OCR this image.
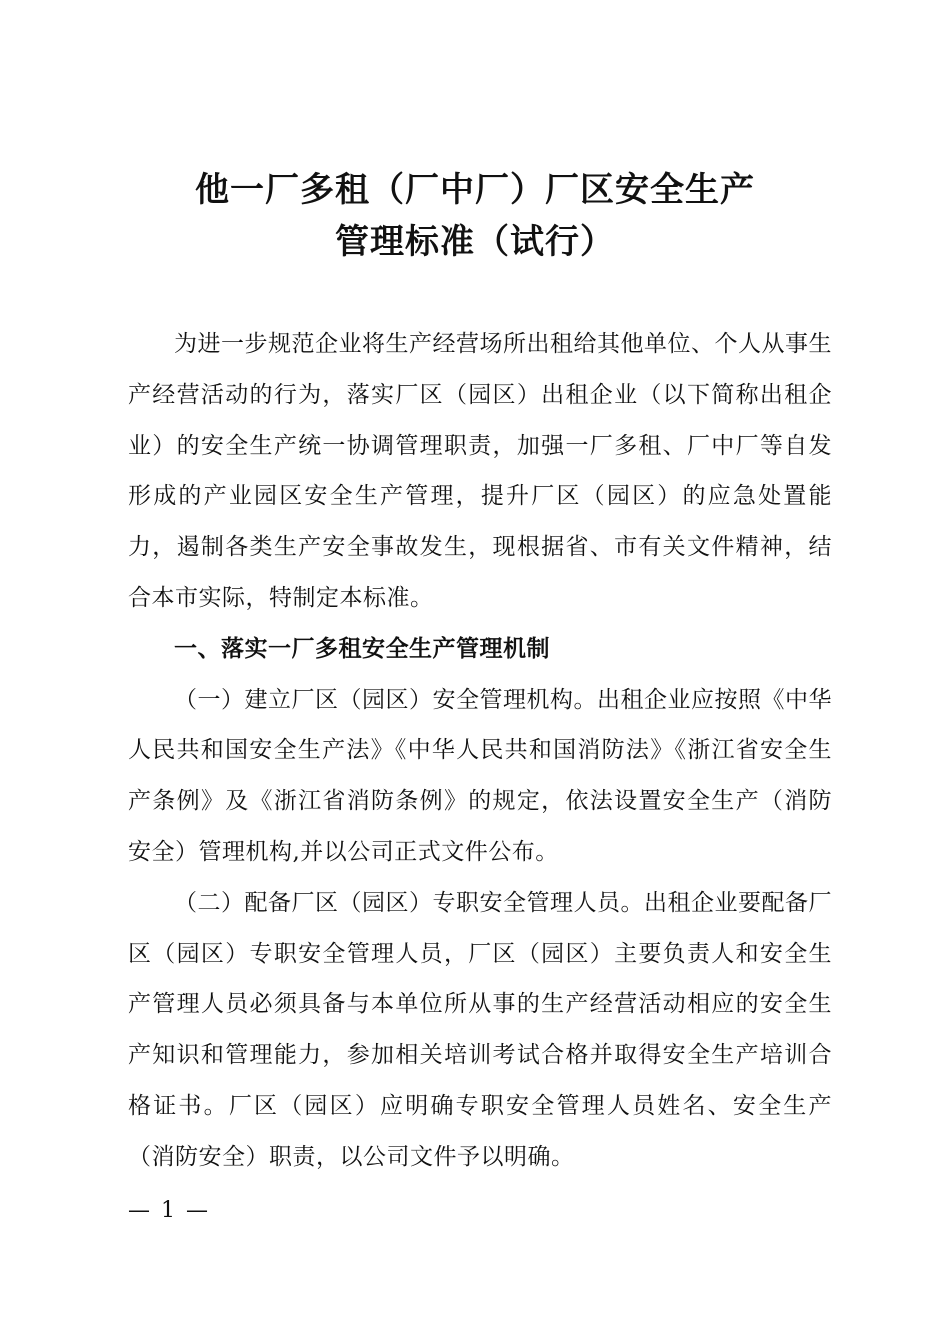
他一厂多租（厂中厂）厂区安全生产
管理标准（试行）

为进一步规范企业将生产经营场所出租给其他单位、个人从事生产经营活动的行为，落实厂区（园区）出租企业（以下简称出租企业）的安全生产统一协调管理职责，加强一厂多租、厂中厂等自发形成的产业园区安全生产管理，提升厂区（园区）的应急处置能力，遏制各类生产安全事故发生，现根据省、市有关文件精神，结合本市实际，特制定本标准。

一、落实一厂多租安全生产管理机制

（一）建立厂区（园区）安全管理机构。出租企业应按照《中华人民共和国安全生产法》《中华人民共和国消防法》《浙江省安全生产条例》及《浙江省消防条例》的规定，依法设置安全生产（消防安全）管理机构,并以公司正式文件公布。

（二）配备厂区（园区）专职安全管理人员。出租企业要配备厂区（园区）专职安全管理人员，厂区（园区）主要负责人和安全生产管理人员必须具备与本单位所从事的生产经营活动相应的安全生产知识和管理能力，参加相关培训考试合格并取得安全生产培训合格证书。厂区（园区）应明确专职安全管理人员姓名、安全生产（消防安全）职责，以公司文件予以明确。

— 1 —
